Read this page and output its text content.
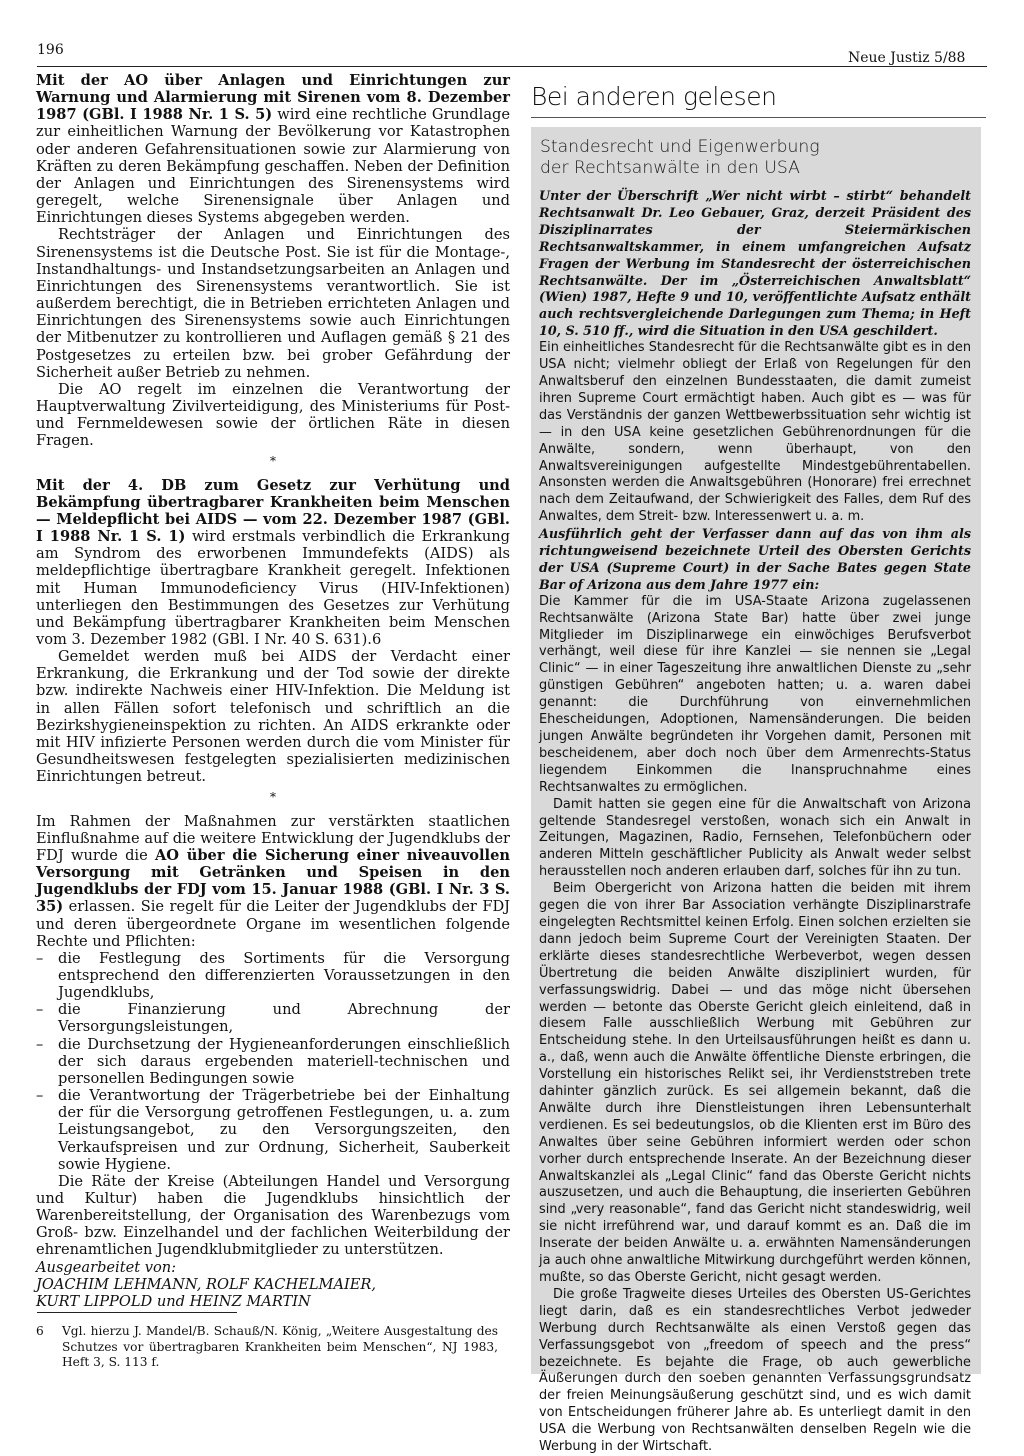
196	Neue Justiz 5/88

Mit der AO über Anlagen und Einrichtungen zur Warnung und Alarmierung mit Sirenen vom 8. Dezember 1987 (GBl. I 1988 Nr. 1 S. 5) wird eine rechtliche Grundlage zur einheitlichen Warnung der Bevölkerung vor Katastrophen oder anderen Gefahrensituationen sowie zur Alarmierung von Kräften zu deren Bekämpfung geschaffen. Neben der Definition der Anlagen und Einrichtungen des Sirenensystems wird geregelt, welche Sirenensignale über Anlagen und Einrichtungen dieses Systems abgegeben werden.

Rechtsträger der Anlagen und Einrichtungen des Sirenensystems ist die Deutsche Post. Sie ist für die Montage-, Instandhaltungs- und Instandsetzungsarbeiten an Anlagen und Einrichtungen des Sirenensystems verantwortlich. Sie ist außerdem berechtigt, die in Betrieben errichteten Anlagen und Einrichtungen des Sirenensystems sowie auch Einrichtungen der Mitbenutzer zu kontrollieren und Auflagen gemäß § 21 des Postgesetzes zu erteilen bzw. bei grober Gefährdung der Sicherheit außer Betrieb zu nehmen.

Die AO regelt im einzelnen die Verantwortung der Hauptverwaltung Zivilverteidigung, des Ministeriums für Post- und Fernmeldewesen sowie der örtlichen Räte in diesen Fragen.

*

Mit der 4. DB zum Gesetz zur Verhütung und Bekämpfung übertragbarer Krankheiten beim Menschen — Meldepflicht bei AIDS — vom 22. Dezember 1987 (GBl. I 1988 Nr. 1 S. 1) wird erstmals verbindlich die Erkrankung am Syndrom des erworbenen Immundefekts (AIDS) als meldepflichtige übertragbare Krankheit geregelt. Infektionen mit Human Immunodeficiency Virus (HIV-Infektionen) unterliegen den Bestimmungen des Gesetzes zur Verhütung und Bekämpfung übertragbarer Krankheiten beim Menschen vom 3. Dezember 1982 (GBl. I Nr. 40 S. 631).6

Gemeldet werden muß bei AIDS der Verdacht einer Erkrankung, die Erkrankung und der Tod sowie der direkte bzw. indirekte Nachweis einer HIV-Infektion. Die Meldung ist in allen Fällen sofort telefonisch und schriftlich an die Bezirkshygieneinspektion zu richten. An AIDS erkrankte oder mit HIV infizierte Personen werden durch die vom Minister für Gesundheitswesen festgelegten spezialisierten medizinischen Einrichtungen betreut.

*

Im Rahmen der Maßnahmen zur verstärkten staatlichen Einflußnahme auf die weitere Entwicklung der Jugendklubs der FDJ wurde die AO über die Sicherung einer niveauvollen Versorgung mit Getränken und Speisen in den Jugendklubs der FDJ vom 15. Januar 1988 (GBl. I Nr. 3 S. 35) erlassen. Sie regelt für die Leiter der Jugendklubs der FDJ und deren übergeordnete Organe im wesentlichen folgende Rechte und Pflichten:

–	die Festlegung des Sortiments für die Versorgung entsprechend den differenzierten Voraussetzungen in den Jugendklubs,
–	die Finanzierung und Abrechnung der Versorgungsleistungen,
–	die Durchsetzung der Hygieneanforderungen einschließlich der sich daraus ergebenden materiell-technischen und personellen Bedingungen sowie
–	die Verantwortung der Trägerbetriebe bei der Einhaltung der für die Versorgung getroffenen Festlegungen, u. a. zum Leistungsangebot, zu den Versorgungszeiten, den Verkaufspreisen und zur Ordnung, Sicherheit, Sauberkeit sowie Hygiene.

Die Räte der Kreise (Abteilungen Handel und Versorgung und Kultur) haben die Jugendklubs hinsichtlich der Warenbereitstellung, der Organisation des Warenbezugs vom Groß- bzw. Einzelhandel und der fachlichen Weiterbildung der ehrenamtlichen Jugendklubmitglieder zu unterstützen.

Ausgearbeitet von:

JOACHIM LEHMANN, ROLF KACHELMAIER,

KURT LIPPOLD und HEINZ MARTIN

6 Vgl. hierzu J. Mandel/B. Schauß/N. König, „Weitere Ausgestaltung des Schutzes vor übertragbaren Krankheiten beim Menschen“, NJ 1983, Heft 3, S. 113 f.
Bei anderen gelesen
Standesrecht und Eigenwerbung
der Rechtsanwälte in den USA

Unter der Überschrift „Wer nicht wirbt – stirbt“ behandelt Rechtsanwalt Dr. Leo Gebauer, Graz, derzeit Präsident des Disziplinarrates der Steiermärkischen Rechtsanwaltskammer, in einem umfangreichen Aufsatz Fragen der Werbung im Standesrecht der österreichischen Rechtsanwälte. Der im „Österreichischen Anwaltsblatt“ (Wien) 1987, Hefte 9 und 10, veröffentlichte Aufsatz enthält auch rechtsvergleichende Darlegungen zum Thema; in Heft 10, S. 510 ff., wird die Situation in den USA geschildert.

Ein einheitliches Standesrecht für die Rechtsanwälte gibt es in den USA nicht; vielmehr obliegt der Erlaß von Regelungen für den Anwaltsberuf den einzelnen Bundesstaaten, die damit zumeist ihren Supreme Court ermächtigt haben. Auch gibt es — was für das Verständnis der ganzen Wettbewerbssituation sehr wichtig ist — in den USA keine gesetzlichen Gebührenordnungen für die Anwälte, sondern, wenn überhaupt, von den Anwaltsvereinigungen aufgestellte Mindestgebührentabellen. Ansonsten werden die Anwaltsgebühren (Honorare) frei errechnet nach dem Zeitaufwand, der Schwierigkeit des Falles, dem Ruf des Anwaltes, dem Streit- bzw. Interessenwert u. a. m.

Ausführlich geht der Verfasser dann auf das von ihm als richtungweisend bezeichnete Urteil des Obersten Gerichts der USA (Supreme Court) in der Sache Bates gegen State Bar of Arizona aus dem Jahre 1977 ein:

Die Kammer für die im USA-Staate Arizona zugelassenen Rechtsanwälte (Arizona State Bar) hatte über zwei junge Mitglieder im Disziplinarwege ein einwöchiges Berufsverbot verhängt, weil diese für ihre Kanzlei — sie nennen sie „Legal Clinic“ — in einer Tageszeitung ihre anwaltlichen Dienste zu „sehr günstigen Gebühren“ angeboten hatten; u. a. waren dabei genannt: die Durchführung von einvernehmlichen Ehescheidungen, Adoptionen, Namensänderungen. Die beiden jungen Anwälte begründeten ihr Vorgehen damit, Personen mit bescheidenem, aber doch noch über dem Armenrechts-Status liegendem Einkommen die Inanspruchnahme eines Rechtsanwaltes zu ermöglichen.

Damit hatten sie gegen eine für die Anwaltschaft von Arizona geltende Standesregel verstoßen, wonach sich ein Anwalt in Zeitungen, Magazinen, Radio, Fernsehen, Telefonbüchern oder anderen Mitteln geschäftlicher Publicity als Anwalt weder selbst herausstellen noch anderen erlauben darf, solches für ihn zu tun.

Beim Obergericht von Arizona hatten die beiden mit ihrem gegen die von ihrer Bar Association verhängte Disziplinarstrafe eingelegten Rechtsmittel keinen Erfolg. Einen solchen erzielten sie dann jedoch beim Supreme Court der Vereinigten Staaten. Der erklärte dieses standesrechtliche Werbeverbot, wegen dessen Übertretung die beiden Anwälte diszipliniert wurden, für verfassungswidrig. Dabei — und das möge nicht übersehen werden — betonte das Oberste Gericht gleich einleitend, daß in diesem Falle ausschließlich Werbung mit Gebühren zur Entscheidung stehe. In den Urteilsausführungen heißt es dann u. a., daß, wenn auch die Anwälte öffentliche Dienste erbringen, die Vorstellung ein historisches Relikt sei, ihr Verdienststreben trete dahinter gänzlich zurück. Es sei allgemein bekannt, daß die Anwälte durch ihre Dienstleistungen ihren Lebensunterhalt verdienen. Es sei bedeutungslos, ob die Klienten erst im Büro des Anwaltes über seine Gebühren informiert werden oder schon vorher durch entsprechende Inserate. An der Bezeichnung dieser Anwaltskanzlei als „Legal Clinic“ fand das Oberste Gericht nichts auszusetzen, und auch die Behauptung, die inserierten Gebühren sind „very reasonable“, fand das Gericht nicht standeswidrig, weil sie nicht irreführend war, und darauf kommt es an. Daß die im Inserate der beiden Anwälte u. a. erwähnten Namensänderungen ja auch ohne anwaltliche Mitwirkung durchgeführt werden können, mußte, so das Oberste Gericht, nicht gesagt werden.

Die große Tragweite dieses Urteiles des Obersten US-Gerichtes liegt darin, daß es ein standesrechtliches Verbot jedweder Werbung durch Rechtsanwälte als einen Verstoß gegen das Verfassungsgebot von „freedom of speech and the press“ bezeichnete. Es bejahte die Frage, ob auch gewerbliche Äußerungen durch den soeben genannten Verfassungsgrundsatz der freien Meinungsäußerung geschützt sind, und es wich damit von Entscheidungen früherer Jahre ab. Es unterliegt damit in den USA die Werbung von Rechtsanwälten denselben Regeln wie die Werbung in der Wirtschaft.
